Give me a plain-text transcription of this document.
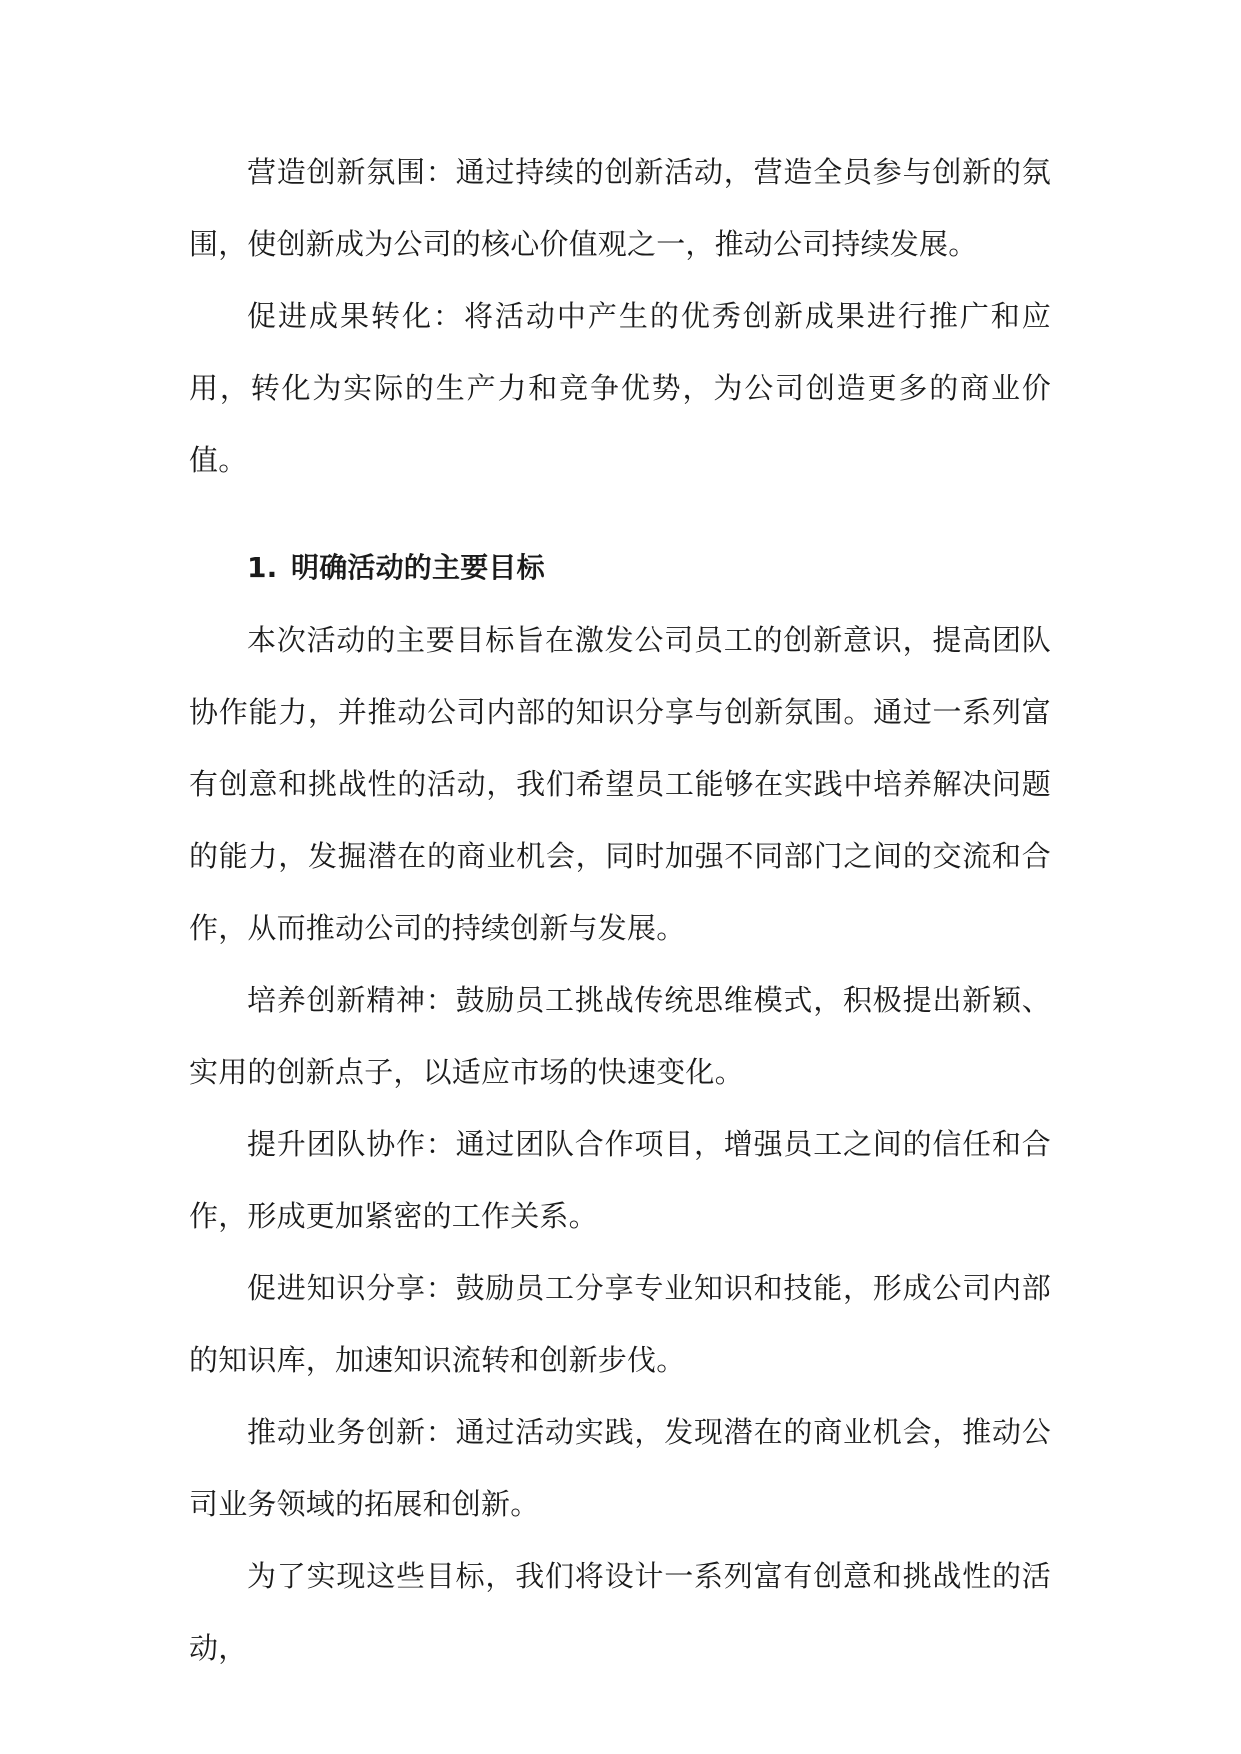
营造创新氛围：通过持续的创新活动，营造全员参与创新的氛围，使创新成为公司的核心价值观之一，推动公司持续发展。

促进成果转化：将活动中产生的优秀创新成果进行推广和应用，转化为实际的生产力和竞争优势，为公司创造更多的商业价值。

1. 明确活动的主要目标

本次活动的主要目标旨在激发公司员工的创新意识，提高团队协作能力，并推动公司内部的知识分享与创新氛围。通过一系列富有创意和挑战性的活动，我们希望员工能够在实践中培养解决问题的能力，发掘潜在的商业机会，同时加强不同部门之间的交流和合作，从而推动公司的持续创新与发展。

培养创新精神：鼓励员工挑战传统思维模式，积极提出新颖、实用的创新点子，以适应市场的快速变化。

提升团队协作：通过团队合作项目，增强员工之间的信任和合作，形成更加紧密的工作关系。

促进知识分享：鼓励员工分享专业知识和技能，形成公司内部的知识库，加速知识流转和创新步伐。

推动业务创新：通过活动实践，发现潜在的商业机会，推动公司业务领域的拓展和创新。

为了实现这些目标，我们将设计一系列富有创意和挑战性的活动，
